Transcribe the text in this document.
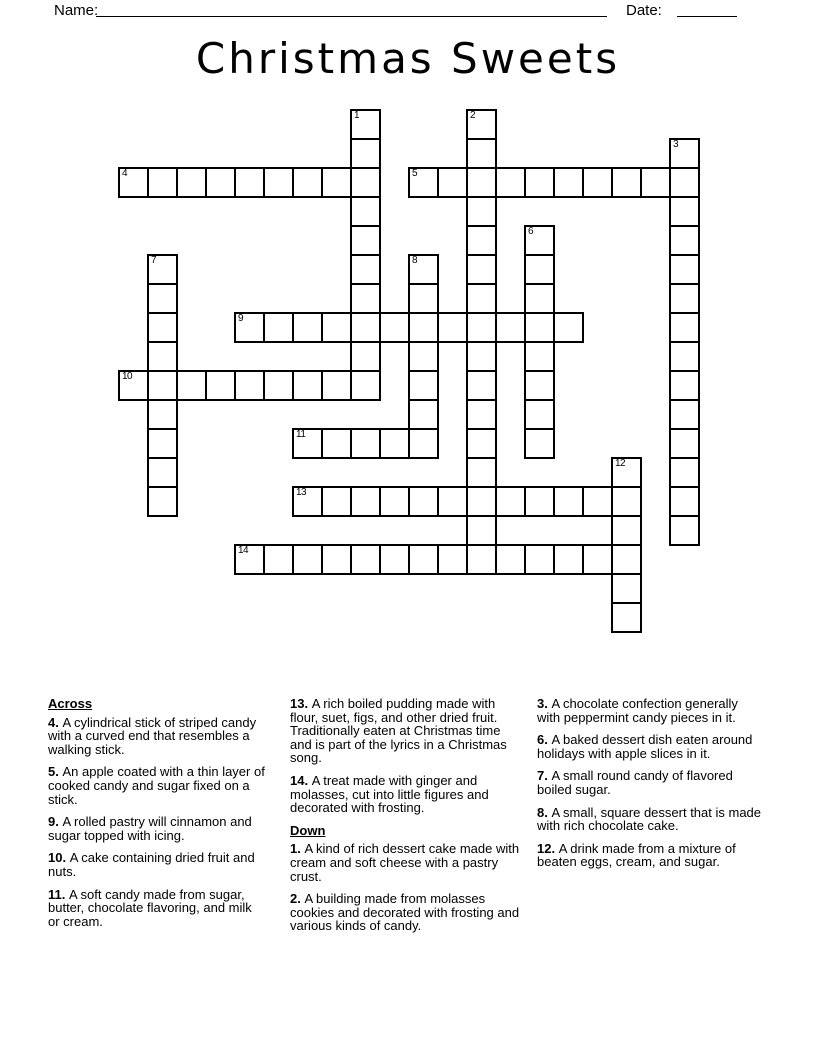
Name:	Date:
Christmas Sweets
1	2
3
4	5
6
7	8
9
10
11
12
13
14
Across
4. A cylindrical stick of striped candy with a curved end that resembles a walking stick.
5. An apple coated with a thin layer of cooked candy and sugar fixed on a stick.
9. A rolled pastry will cinnamon and sugar topped with icing.
10. A cake containing dried fruit and nuts.
11. A soft candy made from sugar, butter, chocolate flavoring, and milk or cream.
13. A rich boiled pudding made with flour, suet, figs, and other dried fruit. Traditionally eaten at Christmas time and is part of the lyrics in a Christmas song.
14. A treat made with ginger and molasses, cut into little figures and decorated with frosting.
Down
1. A kind of rich dessert cake made with cream and soft cheese with a pastry crust.
2. A building made from molasses cookies and decorated with frosting and various kinds of candy.
3. A chocolate confection generally with peppermint candy pieces in it.
6. A baked dessert dish eaten around holidays with apple slices in it.
7. A small round candy of flavored boiled sugar.
8. A small, square dessert that is made with rich chocolate cake.
12. A drink made from a mixture of beaten eggs, cream, and sugar.
